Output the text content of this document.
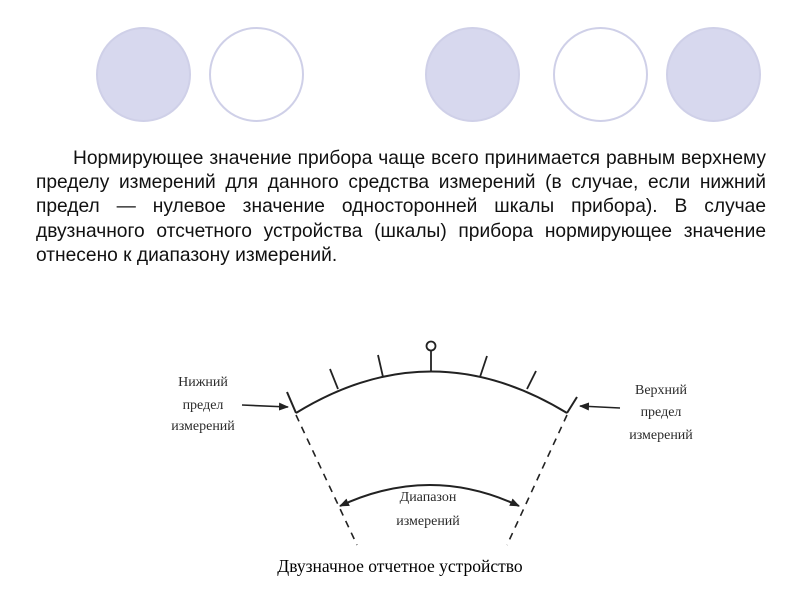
Нормирующее значение прибора чаще всего принимается равным верхнему пределу измерений для данного средства измерений (в случае, если нижний предел — нулевое значение односторонней шкалы прибора). В случае двузначного отсчетного устройства (шкалы) прибора нормирующее значение отнесено к диапазону измерений.

Нижний
предел
измерений
Верхний
предел
измерений
Диапазон
измерений
Двузначное отчетное устройство
